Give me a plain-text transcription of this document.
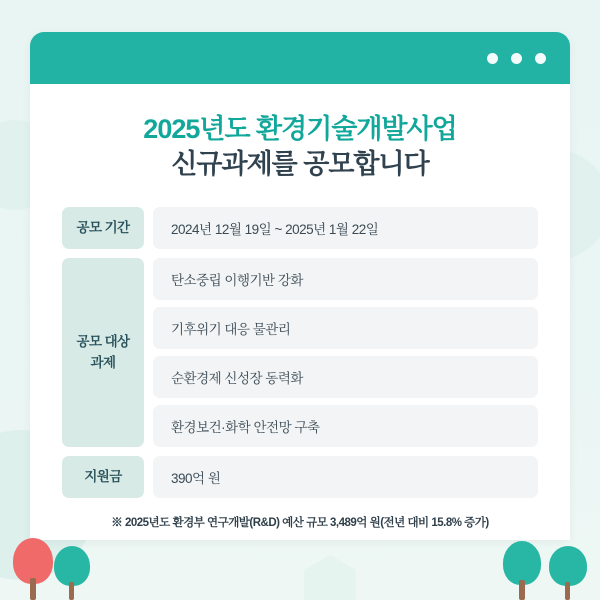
2025년도 환경기술개발사업
신규과제를 공모합니다
공모 기간	2024년 12월 19일 ~ 2025년 1월 22일
공모 대상
과제
탄소중립 이행기반 강화
기후위기 대응 물관리
순환경제 신성장 동력화
환경보건·화학 안전망 구축
지원금	390억 원
※ 2025년도 환경부 연구개발(R&D) 예산 규모 3,489억 원(전년 대비 15.8% 증가)
